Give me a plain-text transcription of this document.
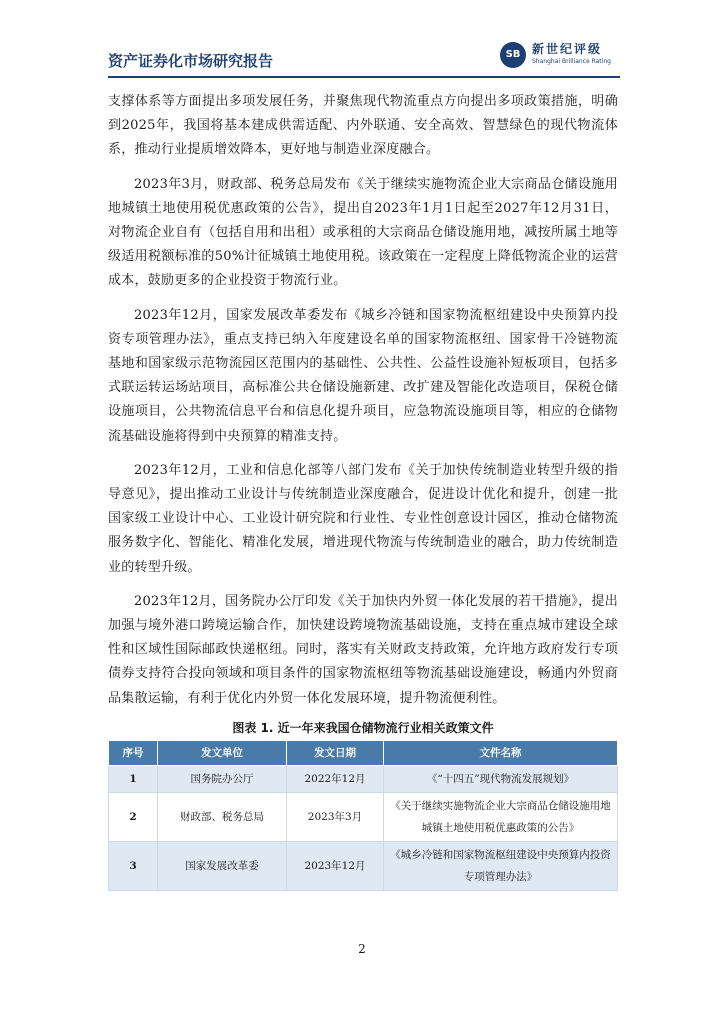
资产证券化市场研究报告	SB 新世纪评级
Shanghai Brilliance Rating

支撑体系等方面提出多项发展任务，并聚焦现代物流重点方向提出多项政策措施，明确到2025年，我国将基本建成供需适配、内外联通、安全高效、智慧绿色的现代物流体系，推动行业提质增效降本，更好地与制造业深度融合。

2023年3月，财政部、税务总局发布《关于继续实施物流企业大宗商品仓储设施用地城镇土地使用税优惠政策的公告》，提出自2023年1月1日起至2027年12月31日，对物流企业自有（包括自用和出租）或承租的大宗商品仓储设施用地，减按所属土地等级适用税额标准的50%计征城镇土地使用税。该政策在一定程度上降低物流企业的运营成本，鼓励更多的企业投资于物流行业。

2023年12月，国家发展改革委发布《城乡冷链和国家物流枢纽建设中央预算内投资专项管理办法》，重点支持已纳入年度建设名单的国家物流枢纽、国家骨干冷链物流基地和国家级示范物流园区范围内的基础性、公共性、公益性设施补短板项目，包括多式联运转运场站项目，高标准公共仓储设施新建、改扩建及智能化改造项目，保税仓储设施项目，公共物流信息平台和信息化提升项目，应急物流设施项目等，相应的仓储物流基础设施将得到中央预算的精准支持。

2023年12月，工业和信息化部等八部门发布《关于加快传统制造业转型升级的指导意见》，提出推动工业设计与传统制造业深度融合，促进设计优化和提升，创建一批国家级工业设计中心、工业设计研究院和行业性、专业性创意设计园区，推动仓储物流服务数字化、智能化、精准化发展，增进现代物流与传统制造业的融合，助力传统制造业的转型升级。

2023年12月，国务院办公厅印发《关于加快内外贸一体化发展的若干措施》，提出加强与境外港口跨境运输合作，加快建设跨境物流基础设施，支持在重点城市建设全球性和区域性国际邮政快递枢纽。同时，落实有关财政支持政策，允许地方政府发行专项债券支持符合投向领域和项目条件的国家物流枢纽等物流基础设施建设，畅通内外贸商品集散运输，有利于优化内外贸一体化发展环境，提升物流便利性。

图表 1. 近一年来我国仓储物流行业相关政策文件
序号	发文单位	发文日期	文件名称
1	国务院办公厅	2022年12月	《“十四五”现代物流发展规划》
2	财政部、税务总局	2023年3月	《关于继续实施物流企业大宗商品仓储设施用地城镇土地使用税优惠政策的公告》
3	国家发展改革委	2023年12月	《城乡冷链和国家物流枢纽建设中央预算内投资专项管理办法》
2
